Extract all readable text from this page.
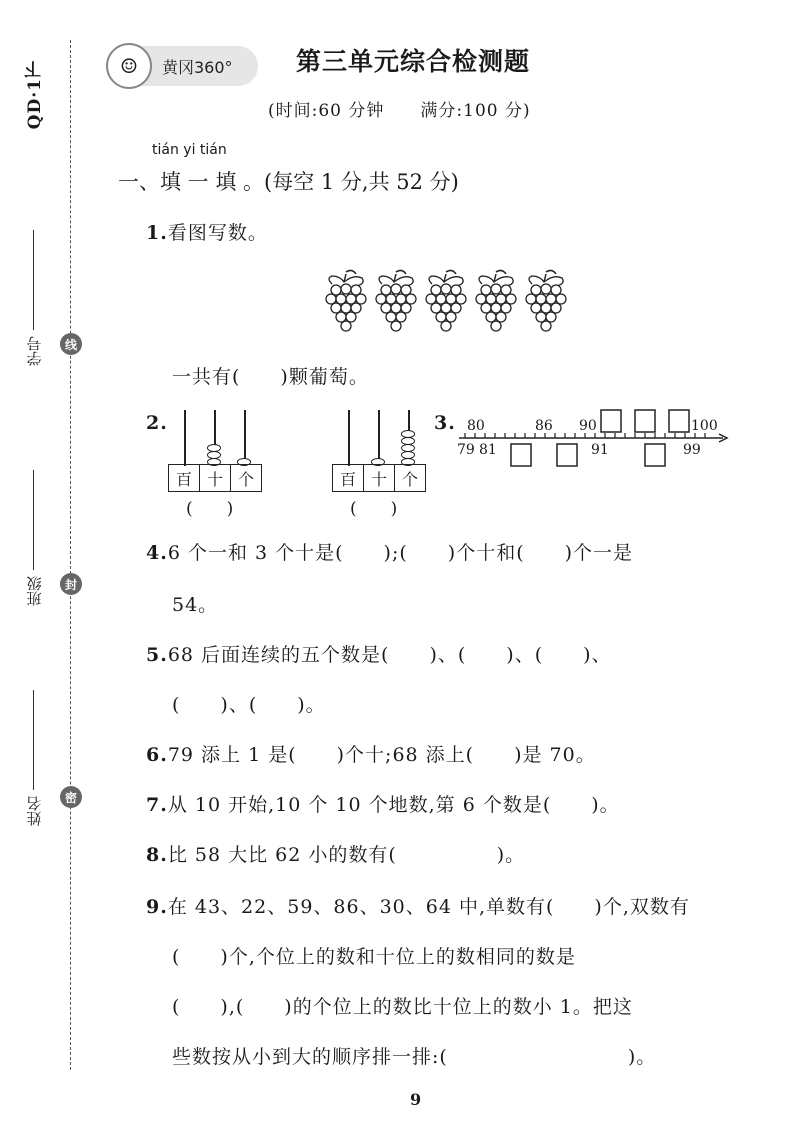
QD·1下
学号
班级
姓名
线
封
密
☺	黄冈360°	第三单元综合检测题
(时间:60 分钟　　满分:100 分)
tián yi tián
一、填 一 填 。(每空 1 分,共 52 分)
1.看图写数。
一共有(　　)颗葡萄。
2.
百 十 个
(　　)
百 十 个
(　　)
3. 80	86 90	100
79 81	91	99
4.6 个一和 3 个十是(　　);(　　)个十和(　　)个一是
54。
5.68 后面连续的五个数是(　　)、(　　)、(　　)、
(　　)、(　　)。
6.79 添上 1 是(　　)个十;68 添上(　　)是 70。
7.从 10 开始,10 个 10 个地数,第 6 个数是(　　)。
8.比 58 大比 62 小的数有(　　　　　)。
9.在 43、22、59、86、30、64 中,单数有(　　)个,双数有
(　　)个,个位上的数和十位上的数相同的数是
(　　),(　　)的个位上的数比十位上的数小 1。把这
些数按从小到大的顺序排一排:(　　　　　　　　　)。
9
